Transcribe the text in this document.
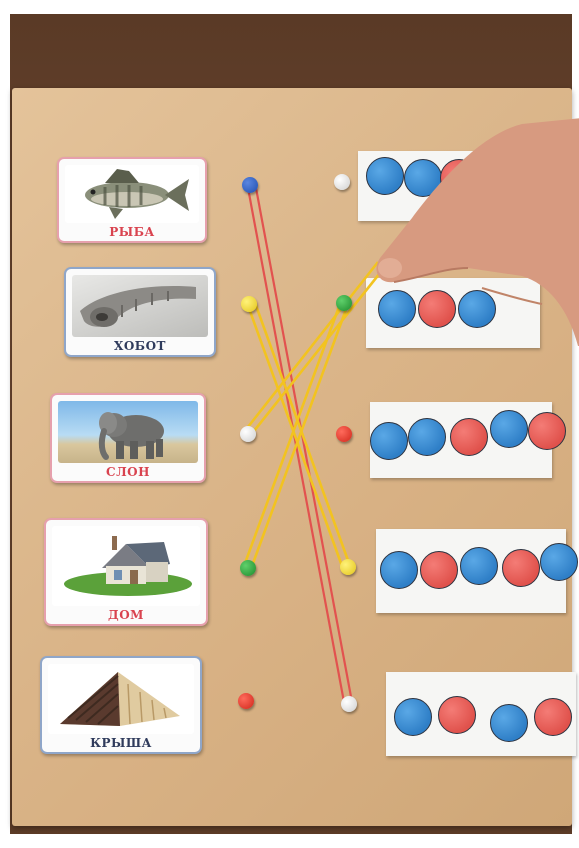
РЫБА
ХОБОТ
СЛОН
ДОМ
КРЫША
